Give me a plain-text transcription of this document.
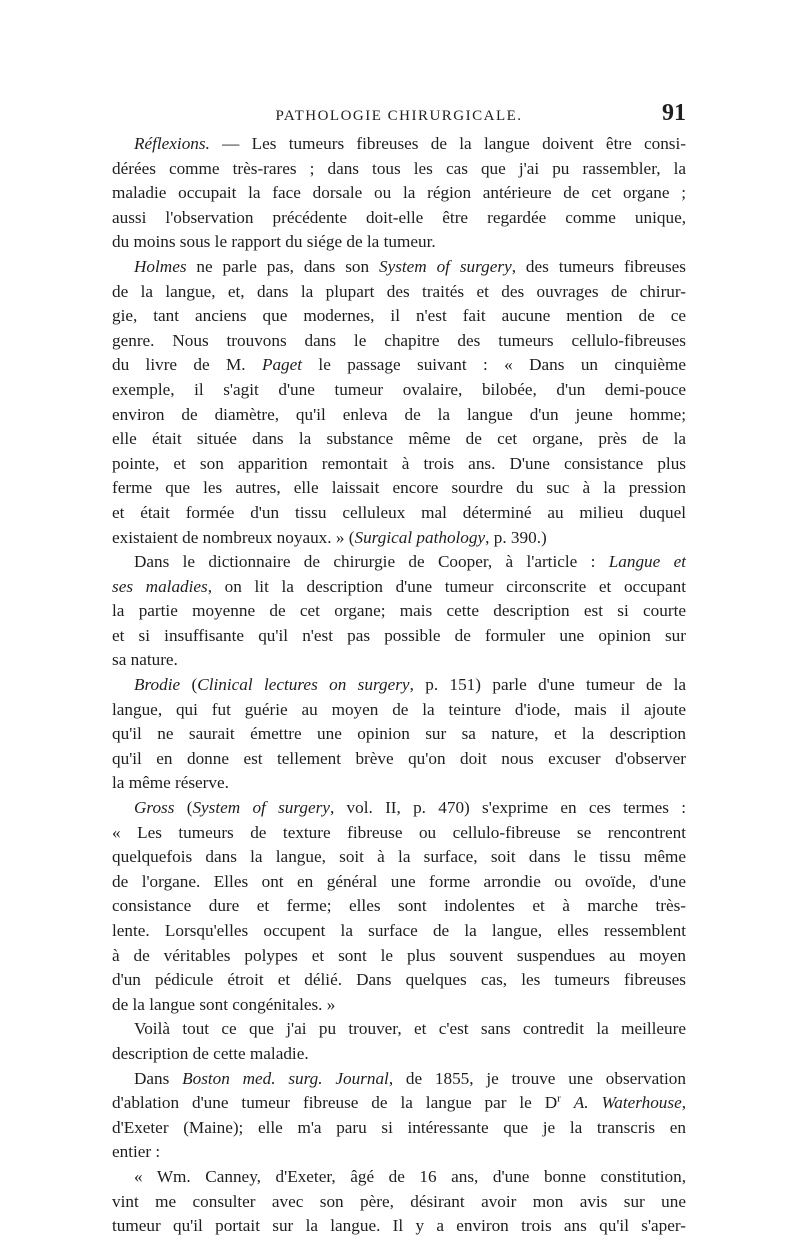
PATHOLOGIE CHIRURGICALE.	91
Réflexions. — Les tumeurs fibreuses de la langue doivent être consi-
dérées comme très-rares ; dans tous les cas que j'ai pu rassembler, la
maladie occupait la face dorsale ou la région antérieure de cet organe ;
aussi l'observation précédente doit-elle être regardée comme unique,
du moins sous le rapport du siége de la tumeur.
Holmes ne parle pas, dans son System of surgery, des tumeurs fibreuses
de la langue, et, dans la plupart des traités et des ouvrages de chirur-
gie, tant anciens que modernes, il n'est fait aucune mention de ce
genre. Nous trouvons dans le chapitre des tumeurs cellulo-fibreuses
du livre de M. Paget le passage suivant : « Dans un cinquième
exemple, il s'agit d'une tumeur ovalaire, bilobée, d'un demi-pouce
environ de diamètre, qu'il enleva de la langue d'un jeune homme;
elle était située dans la substance même de cet organe, près de la
pointe, et son apparition remontait à trois ans. D'une consistance plus
ferme que les autres, elle laissait encore sourdre du suc à la pression
et était formée d'un tissu celluleux mal déterminé au milieu duquel
existaient de nombreux noyaux. » (Surgical pathology, p. 390.)
Dans le dictionnaire de chirurgie de Cooper, à l'article : Langue et
ses maladies, on lit la description d'une tumeur circonscrite et occupant
la partie moyenne de cet organe; mais cette description est si courte
et si insuffisante qu'il n'est pas possible de formuler une opinion sur
sa nature.
Brodie (Clinical lectures on surgery, p. 151) parle d'une tumeur de la
langue, qui fut guérie au moyen de la teinture d'iode, mais il ajoute
qu'il ne saurait émettre une opinion sur sa nature, et la description
qu'il en donne est tellement brève qu'on doit nous excuser d'observer
la même réserve.
Gross (System of surgery, vol. II, p. 470) s'exprime en ces termes :
« Les tumeurs de texture fibreuse ou cellulo-fibreuse se rencontrent
quelquefois dans la langue, soit à la surface, soit dans le tissu même
de l'organe. Elles ont en général une forme arrondie ou ovoïde, d'une
consistance dure et ferme; elles sont indolentes et à marche très-
lente. Lorsqu'elles occupent la surface de la langue, elles ressemblent
à de véritables polypes et sont le plus souvent suspendues au moyen
d'un pédicule étroit et délié. Dans quelques cas, les tumeurs fibreuses
de la langue sont congénitales. »
Voilà tout ce que j'ai pu trouver, et c'est sans contredit la meilleure
description de cette maladie.
Dans Boston med. surg. Journal, de 1855, je trouve une observation
d'ablation d'une tumeur fibreuse de la langue par le $D^r$ A. Waterhouse,
d'Exeter (Maine); elle m'a paru si intéressante que je la transcris en
entier :
« Wm. Canney, d'Exeter, âgé de 16 ans, d'une bonne constitution,
vint me consulter avec son père, désirant avoir mon avis sur une
tumeur qu'il portait sur la langue. Il y a environ trois ans qu'il s'aper-
